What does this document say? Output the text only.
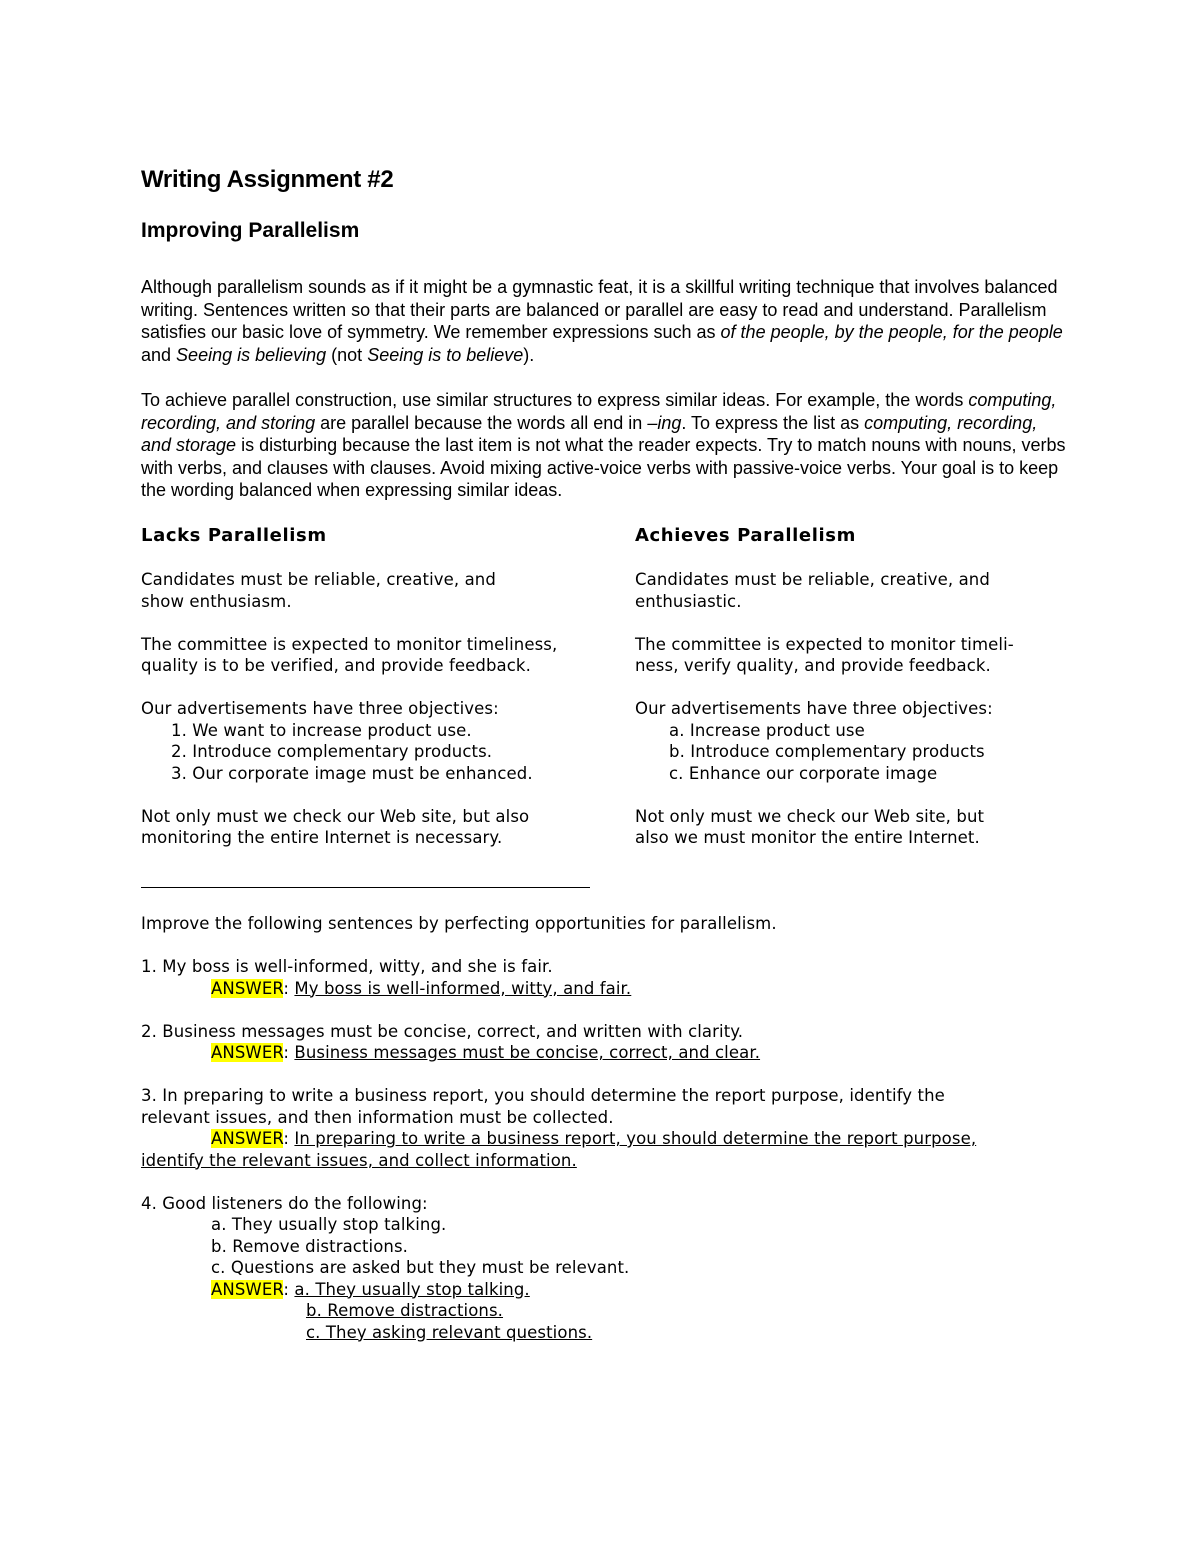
Writing Assignment #2
Improving Parallelism

Although parallelism sounds as if it might be a gymnastic feat, it is a skillful writing technique that involves balanced writing. Sentences written so that their parts are balanced or parallel are easy to read and understand. Parallelism satisfies our basic love of symmetry. We remember expressions such as of the people, by the people, for the people and Seeing is believing (not Seeing is to believe).

To achieve parallel construction, use similar structures to express similar ideas. For example, the words computing, recording, and storing are parallel because the words all end in –ing. To express the list as computing, recording, and storage is disturbing because the last item is not what the reader expects. Try to match nouns with nouns, verbs with verbs, and clauses with clauses. Avoid mixing active-voice verbs with passive-voice verbs. Your goal is to keep the wording balanced when expressing similar ideas.

Lacks Parallelism	Achieves Parallelism
Candidates must be reliable, creative, and
show enthusiasm.
The committee is expected to monitor timeliness,
quality is to be verified, and provide feedback.
Our advertisements have three objectives:
1. We want to increase product use.
2. Introduce complementary products.
3. Our corporate image must be enhanced.
Not only must we check our Web site, but also
monitoring the entire Internet is necessary.
Candidates must be reliable, creative, and
enthusiastic.
The committee is expected to monitor timeli-
ness, verify quality, and provide feedback.
Our advertisements have three objectives:
a. Increase product use
b. Introduce complementary products
c. Enhance our corporate image
Not only must we check our Web site, but
also we must monitor the entire Internet.
Improve the following sentences by perfecting opportunities for parallelism.
1. My boss is well-informed, witty, and she is fair.
ANSWER: My boss is well-informed, witty, and fair.
2. Business messages must be concise, correct, and written with clarity.
ANSWER: Business messages must be concise, correct, and clear.
3. In preparing to write a business report, you should determine the report purpose, identify the
relevant issues, and then information must be collected.
ANSWER: In preparing to write a business report, you should determine the report purpose,
identify the relevant issues, and collect information.
4. Good listeners do the following:
a. They usually stop talking.
b. Remove distractions.
c. Questions are asked but they must be relevant.
ANSWER: a. They usually stop talking.
b. Remove distractions.
c. They asking relevant questions.
